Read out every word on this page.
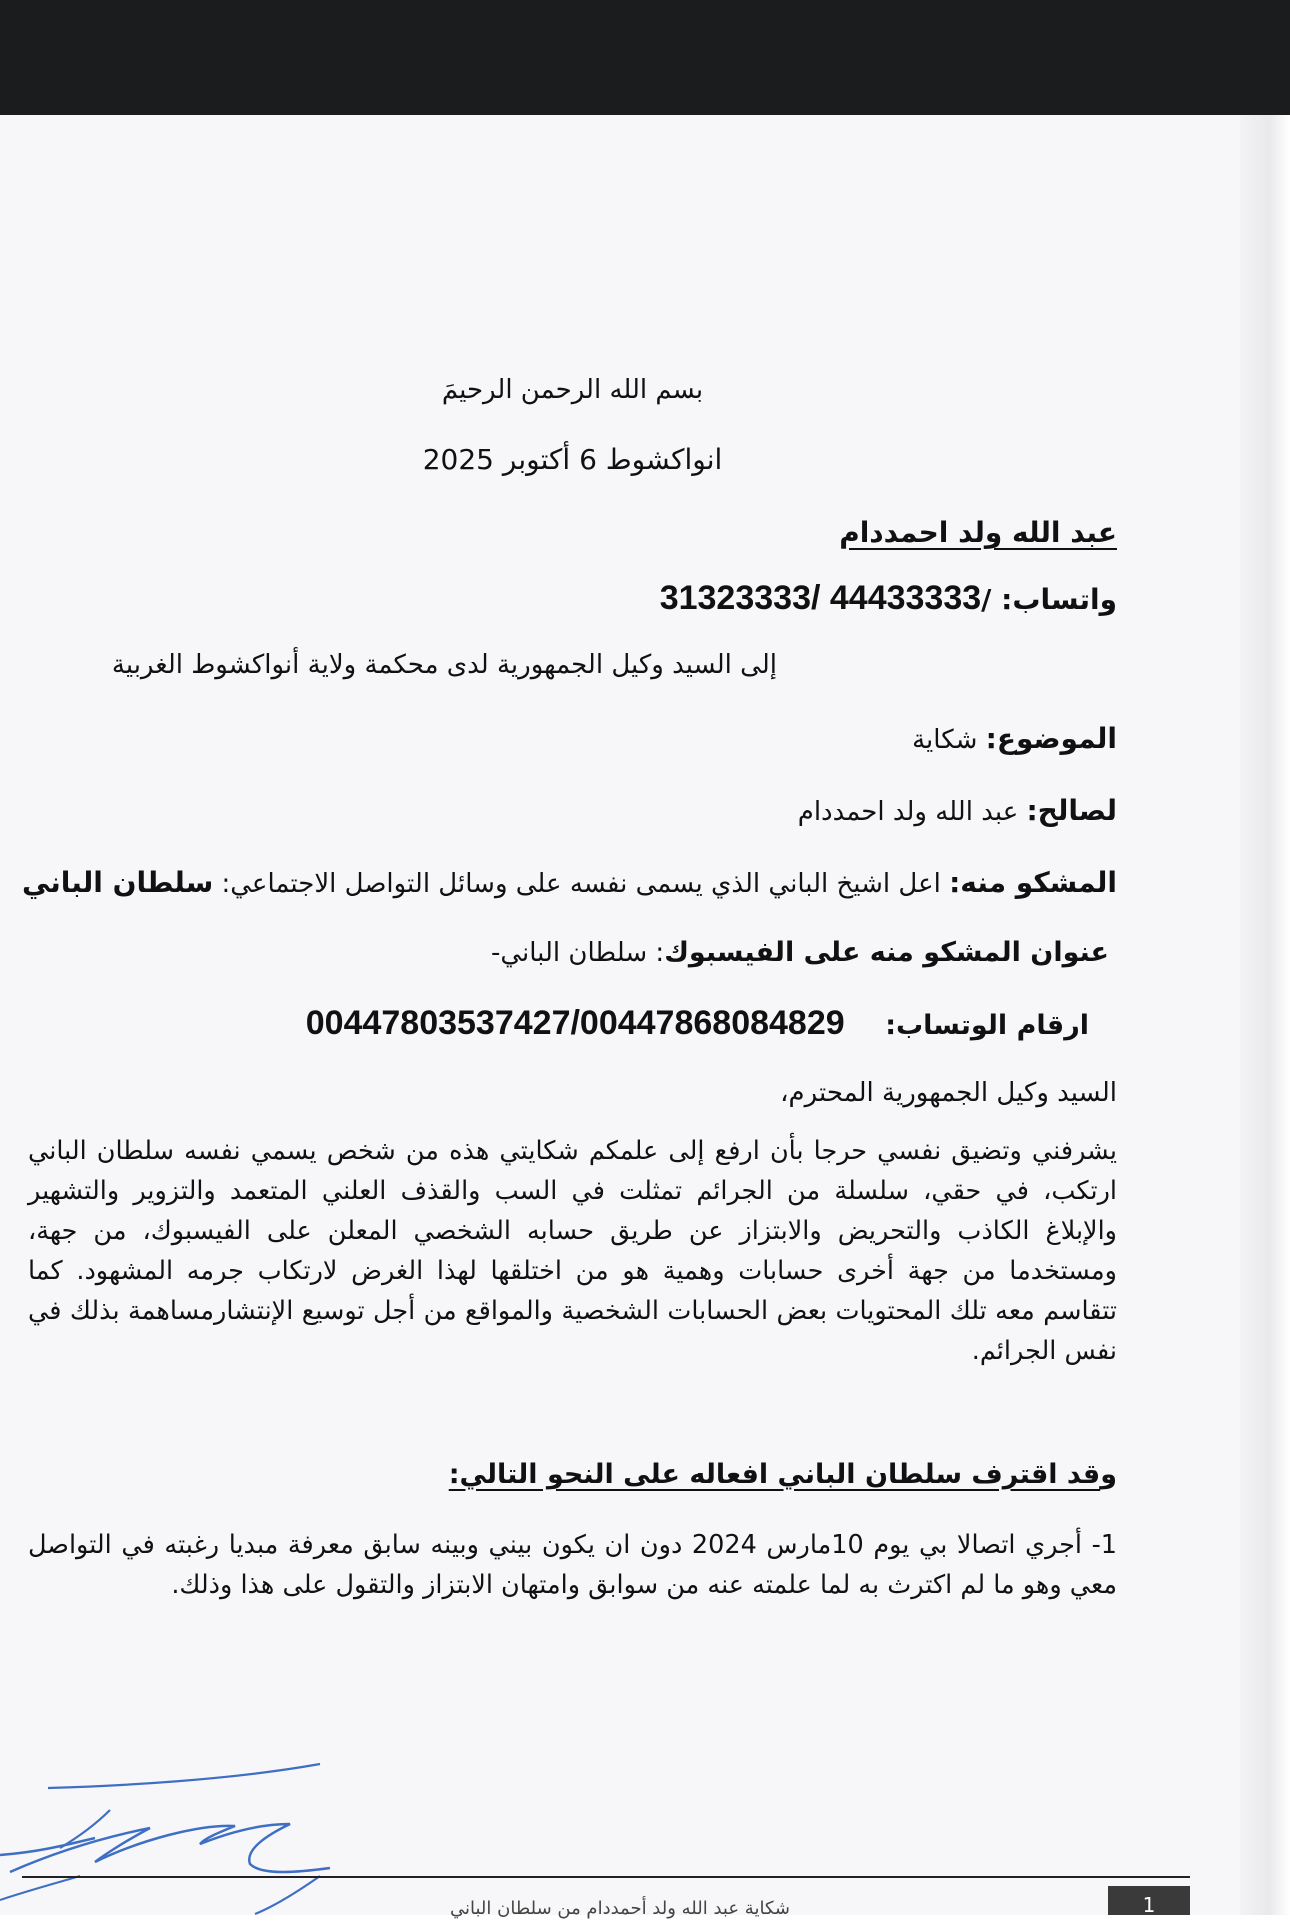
بسم الله الرحمن الرحيمَ
انواكشوط 6 أكتوبر 2025
عبد الله ولد احمددام
واتساب: /31323333/ 44433333
إلى السيد وكيل الجمهورية لدى محكمة ولاية أنواكشوط الغربية
الموضوع: شكاية
لصالح: عبد الله ولد احمددام
المشكو منه: اعل اشيخ الباني الذي يسمى نفسه على وسائل التواصل الاجتماعي: سلطان الباني
عنوان المشكو منه على الفيسبوك: سلطان الباني-
ارقام الوتساب:  00447803537427/00447868084829
السيد وكيل الجمهورية المحترم،

يشرفني وتضيق نفسي حرجا بأن ارفع إلى علمكم شكايتي هذه من شخص يسمي نفسه سلطان الباني ارتكب، في حقي، سلسلة من الجرائم تمثلت في السب والقذف العلني المتعمد والتزوير والتشهير والإبلاغ الكاذب والتحريض والابتزاز عن طريق حسابه الشخصي المعلن على الفيسبوك، من جهة، ومستخدما من جهة أخرى حسابات وهمية هو من اختلقها لهذا الغرض لارتكاب جرمه المشهود. كما تتقاسم معه تلك المحتويات بعض الحسابات الشخصية والمواقع من أجل توسيع الإنتشارمساهمة بذلك في نفس الجرائم.

وقد اقترف سلطان الباني افعاله على النحو التالي:

1- أجري اتصالا بي يوم 10مارس 2024 دون ان يكون بيني وبينه سابق معرفة مبديا رغبته في التواصل معي وهو ما لم اكترث به لما علمته عنه من سوابق وامتهان الابتزاز والتقول على هذا وذلك.

شكاية عبد الله ولد أحمددام من سلطان الباني	1
